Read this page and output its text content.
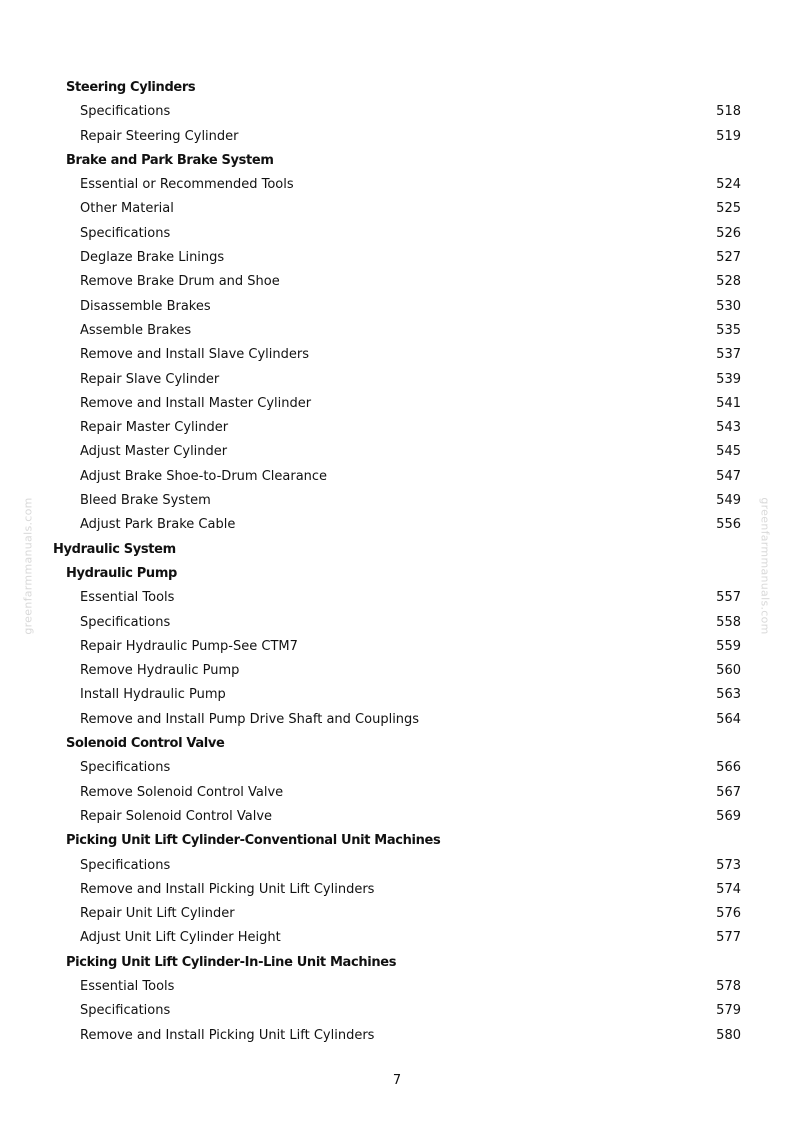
greenfarmmanuals.com	greenfarmmanuals.com
Steering Cylinders
Specifications	518
Repair Steering Cylinder	519
Brake and Park Brake System
Essential or Recommended Tools	524
Other Material	525
Specifications	526
Deglaze Brake Linings	527
Remove Brake Drum and Shoe	528
Disassemble Brakes	530
Assemble Brakes	535
Remove and Install Slave Cylinders	537
Repair Slave Cylinder	539
Remove and Install Master Cylinder	541
Repair Master Cylinder	543
Adjust Master Cylinder	545
Adjust Brake Shoe-to-Drum Clearance	547
Bleed Brake System	549
Adjust Park Brake Cable	556
Hydraulic System
Hydraulic Pump
Essential Tools	557
Specifications	558
Repair Hydraulic Pump-See CTM7	559
Remove Hydraulic Pump	560
Install Hydraulic Pump	563
Remove and Install Pump Drive Shaft and Couplings	564
Solenoid Control Valve
Specifications	566
Remove Solenoid Control Valve	567
Repair Solenoid Control Valve	569
Picking Unit Lift Cylinder-Conventional Unit Machines
Specifications	573
Remove and Install Picking Unit Lift Cylinders	574
Repair Unit Lift Cylinder	576
Adjust Unit Lift Cylinder Height	577
Picking Unit Lift Cylinder-In-Line Unit Machines
Essential Tools	578
Specifications	579
Remove and Install Picking Unit Lift Cylinders	580
7
